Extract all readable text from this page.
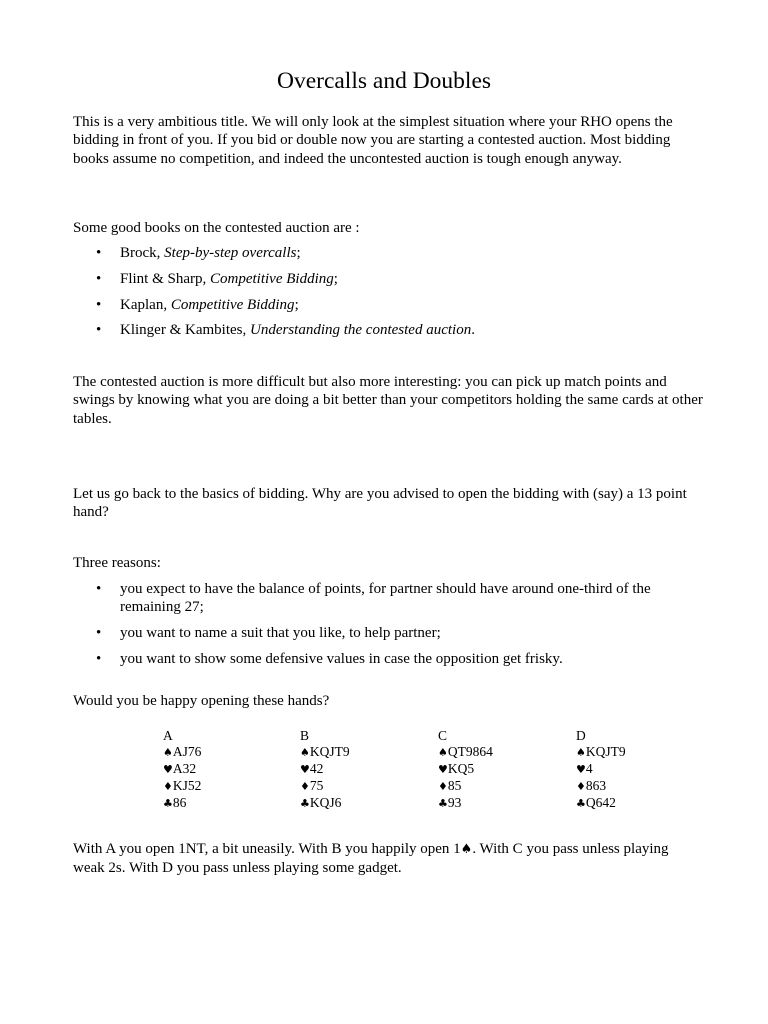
Overcalls and Doubles

This is a very ambitious title. We will only look at the simplest situation where your RHO opens the bidding in front of you. If you bid or double now you are starting a contested auction. Most bidding books assume no competition, and indeed the uncontested auction is tough enough anyway.

Some good books on the contested auction are :

• Brock, Step-by-step overcalls;
• Flint & Sharp, Competitive Bidding;
• Kaplan, Competitive Bidding;
• Klinger & Kambites, Understanding the contested auction.

The contested auction is more difficult but also more interesting: you can pick up match points and swings by knowing what you are doing a bit better than your competitors holding the same cards at other tables.

Let us go back to the basics of bidding. Why are you advised to open the bidding with (say) a 13 point hand?

Three reasons:

• you expect to have the balance of points, for partner should have around one-third of the remaining 27;
• you want to name a suit that you like, to help partner;
• you want to show some defensive values in case the opposition get frisky.

Would you be happy opening these hands?

A
♠AJ76
♥A32
♦KJ52
♣86
B
♠KQJT9
♥42
♦75
♣KQJ6
C
♠QT9864
♥KQ5
♦85
♣93
D
♠KQJT9
♥4
♦863
♣Q642

With A you open 1NT, a bit uneasily. With B you happily open 1♠. With C you pass unless playing weak 2s. With D you pass unless playing some gadget.
